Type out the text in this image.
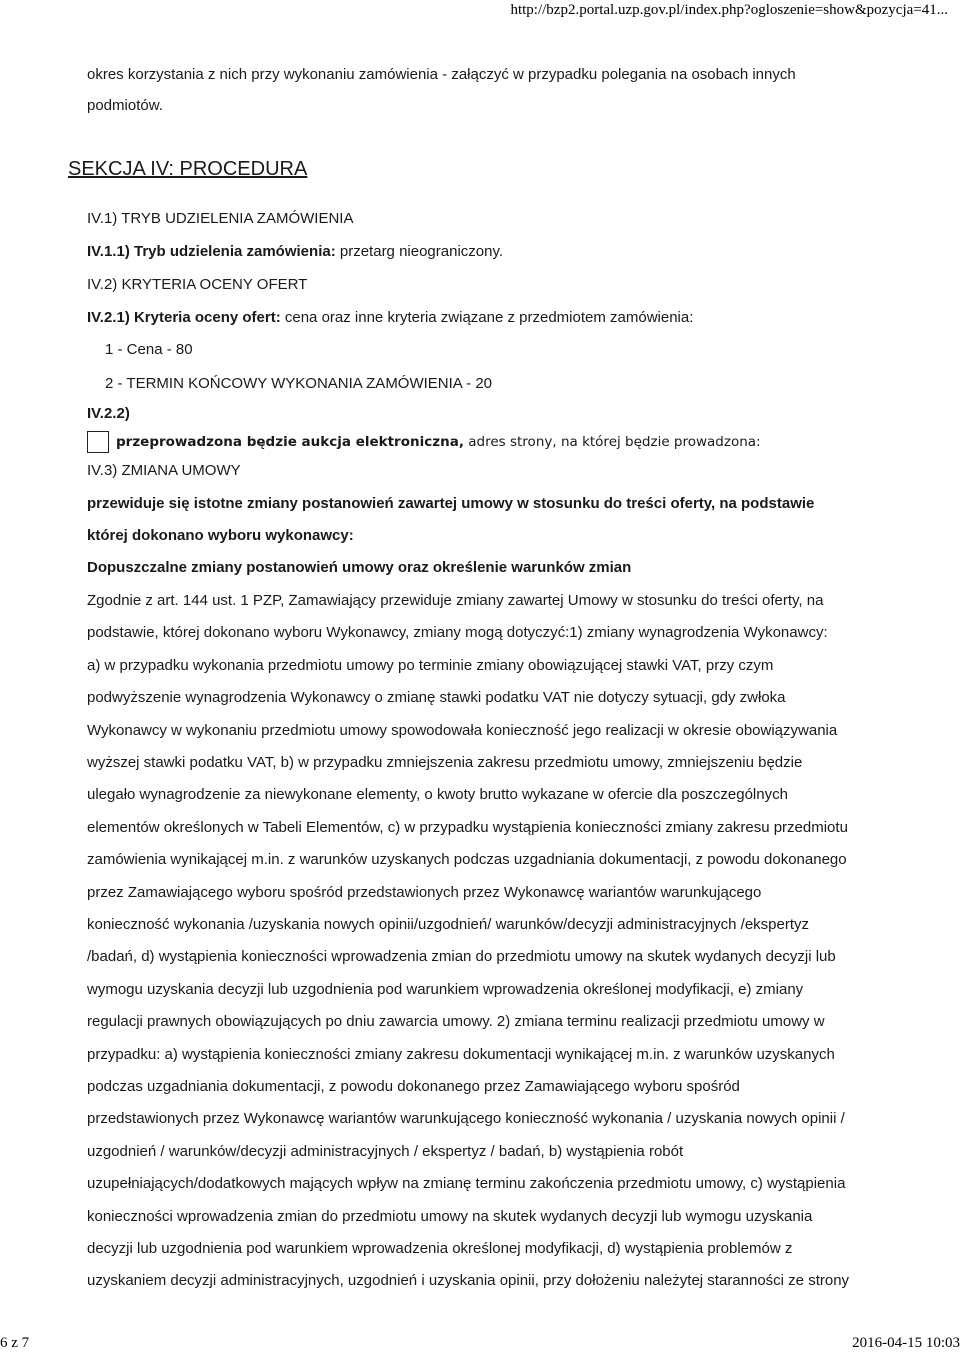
http://bzp2.portal.uzp.gov.pl/index.php?ogloszenie=show&pozycja=41...
okres korzystania z nich przy wykonaniu zamówienia - załączyć w przypadku polegania na osobach innych
podmiotów.
SEKCJA IV: PROCEDURA
IV.1) TRYB UDZIELENIA ZAMÓWIENIA
IV.1.1) Tryb udzielenia zamówienia: przetarg nieograniczony.
IV.2) KRYTERIA OCENY OFERT
IV.2.1) Kryteria oceny ofert: cena oraz inne kryteria związane z przedmiotem zamówienia:
1 - Cena - 80
2 - TERMIN KOŃCOWY WYKONANIA ZAMÓWIENIA - 20
IV.2.2)
przeprowadzona będzie aukcja elektroniczna, adres strony, na której będzie prowadzona:
IV.3) ZMIANA UMOWY
przewiduje się istotne zmiany postanowień zawartej umowy w stosunku do treści oferty, na podstawie
której dokonano wyboru wykonawcy:
Dopuszczalne zmiany postanowień umowy oraz określenie warunków zmian
Zgodnie z art. 144 ust. 1 PZP, Zamawiający przewiduje zmiany zawartej Umowy w stosunku do treści oferty, na
podstawie, której dokonano wyboru Wykonawcy, zmiany mogą dotyczyć:1) zmiany wynagrodzenia Wykonawcy:
a) w przypadku wykonania przedmiotu umowy po terminie zmiany obowiązującej stawki VAT, przy czym
podwyższenie wynagrodzenia Wykonawcy o zmianę stawki podatku VAT nie dotyczy sytuacji, gdy zwłoka
Wykonawcy w wykonaniu przedmiotu umowy spowodowała konieczność jego realizacji w okresie obowiązywania
wyższej stawki podatku VAT, b) w przypadku zmniejszenia zakresu przedmiotu umowy, zmniejszeniu będzie
ulegało wynagrodzenie za niewykonane elementy, o kwoty brutto wykazane w ofercie dla poszczególnych
elementów określonych w Tabeli Elementów, c) w przypadku wystąpienia konieczności zmiany zakresu przedmiotu
zamówienia wynikającej m.in. z warunków uzyskanych podczas uzgadniania dokumentacji, z powodu dokonanego
przez Zamawiającego wyboru spośród przedstawionych przez Wykonawcę wariantów warunkującego
konieczność wykonania /uzyskania nowych opinii/uzgodnień/ warunków/decyzji administracyjnych /ekspertyz
/badań, d) wystąpienia konieczności wprowadzenia zmian do przedmiotu umowy na skutek wydanych decyzji lub
wymogu uzyskania decyzji lub uzgodnienia pod warunkiem wprowadzenia określonej modyfikacji, e) zmiany
regulacji prawnych obowiązujących po dniu zawarcia umowy. 2) zmiana terminu realizacji przedmiotu umowy w
przypadku: a) wystąpienia konieczności zmiany zakresu dokumentacji wynikającej m.in. z warunków uzyskanych
podczas uzgadniania dokumentacji, z powodu dokonanego przez Zamawiającego wyboru spośród
przedstawionych przez Wykonawcę wariantów warunkującego konieczność wykonania / uzyskania nowych opinii /
uzgodnień / warunków/decyzji administracyjnych / ekspertyz / badań, b) wystąpienia robót
uzupełniających/dodatkowych mających wpływ na zmianę terminu zakończenia przedmiotu umowy, c) wystąpienia
konieczności wprowadzenia zmian do przedmiotu umowy na skutek wydanych decyzji lub wymogu uzyskania
decyzji lub uzgodnienia pod warunkiem wprowadzenia określonej modyfikacji, d) wystąpienia problemów z
uzyskaniem decyzji administracyjnych, uzgodnień i uzyskania opinii, przy dołożeniu należytej staranności ze strony
6 z 7	2016-04-15 10:03
